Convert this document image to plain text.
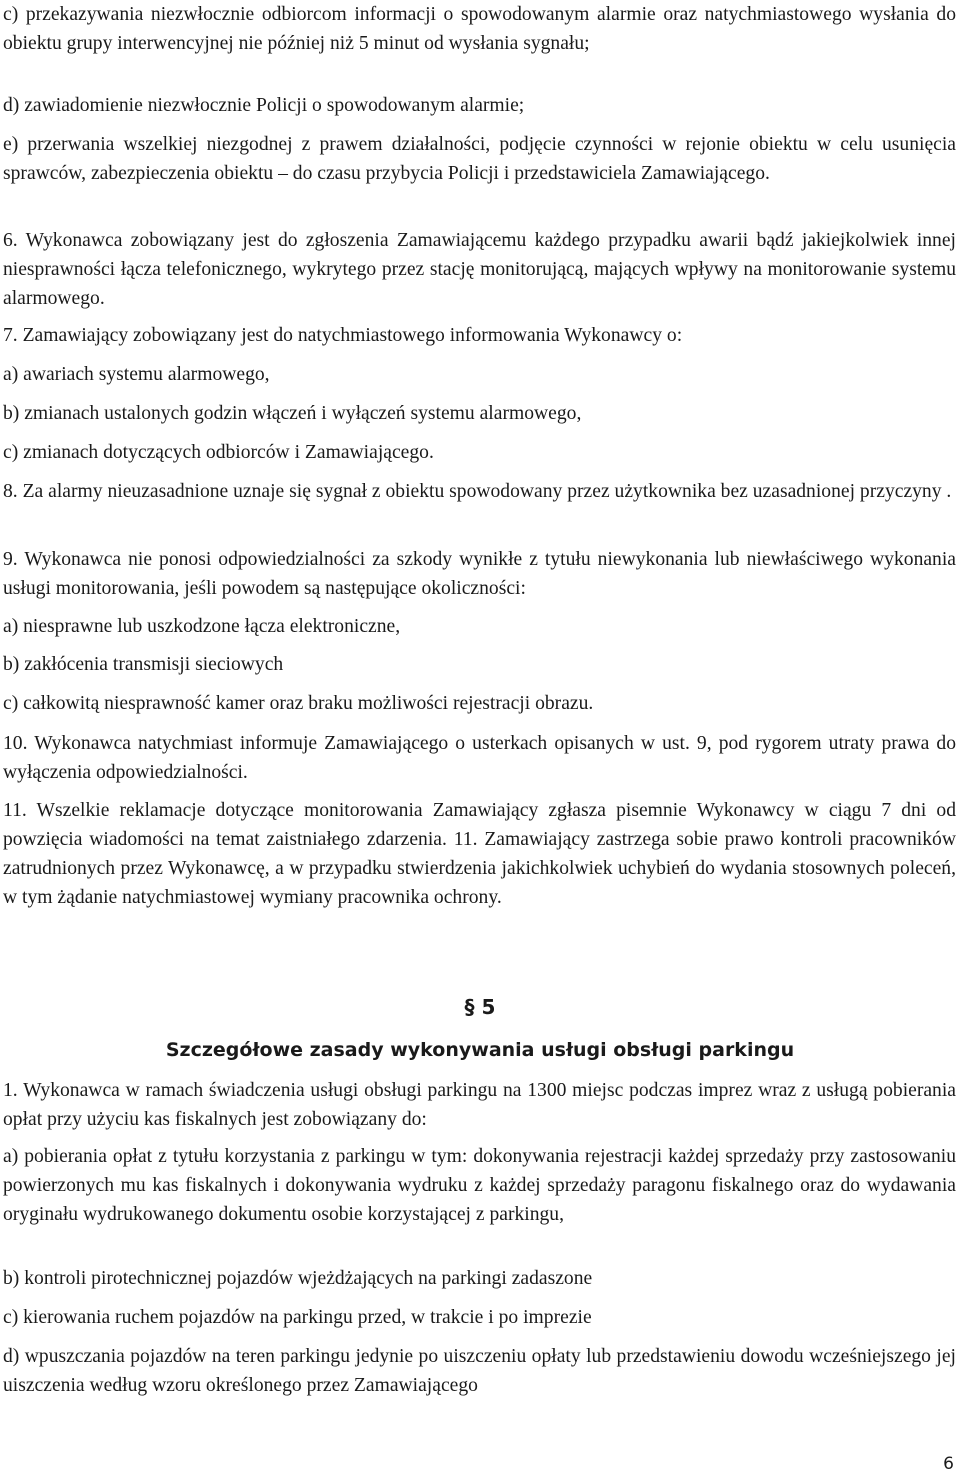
c) przekazywania niezwłocznie odbiorcom informacji o spowodowanym alarmie oraz natychmiastowego wysłania do obiektu grupy interwencyjnej nie później niż 5 minut od wysłania sygnału;
d) zawiadomienie niezwłocznie Policji o spowodowanym alarmie;
e) przerwania wszelkiej niezgodnej z prawem działalności, podjęcie czynności w rejonie obiektu w celu usunięcia sprawców, zabezpieczenia obiektu – do czasu przybycia Policji i przedstawiciela Zamawiającego.
6. Wykonawca zobowiązany jest do zgłoszenia Zamawiającemu każdego przypadku awarii bądź jakiejkolwiek innej niesprawności łącza telefonicznego, wykrytego przez stację monitorującą, mających wpływy na monitorowanie systemu alarmowego.
7. Zamawiający zobowiązany jest do natychmiastowego informowania Wykonawcy o:
a) awariach systemu alarmowego,
b) zmianach ustalonych godzin włączeń i wyłączeń systemu alarmowego,
c) zmianach dotyczących odbiorców i Zamawiającego.
8. Za alarmy nieuzasadnione uznaje się sygnał z obiektu spowodowany przez użytkownika bez uzasadnionej przyczyny .
9. Wykonawca nie ponosi odpowiedzialności za szkody wynikłe z tytułu niewykonania lub niewłaściwego wykonania usługi monitorowania, jeśli powodem są następujące okoliczności:
a) niesprawne lub uszkodzone łącza elektroniczne,
b) zakłócenia transmisji sieciowych
c) całkowitą niesprawność kamer oraz braku możliwości rejestracji obrazu.
10. Wykonawca natychmiast informuje Zamawiającego o usterkach opisanych w ust. 9, pod rygorem utraty prawa do wyłączenia odpowiedzialności.
11. Wszelkie reklamacje dotyczące monitorowania Zamawiający zgłasza pisemnie Wykonawcy w ciągu 7 dni od powzięcia wiadomości na temat zaistniałego zdarzenia. 11. Zamawiający zastrzega sobie prawo kontroli pracowników zatrudnionych przez Wykonawcę, a w przypadku stwierdzenia jakichkolwiek uchybień do wydania stosownych poleceń, w tym żądanie natychmiastowej wymiany pracownika ochrony.
§ 5
Szczegółowe zasady wykonywania usługi obsługi parkingu
1. Wykonawca w ramach świadczenia usługi obsługi parkingu na 1300 miejsc podczas imprez wraz z usługą pobierania opłat przy użyciu kas fiskalnych jest zobowiązany do:
a) pobierania opłat z tytułu korzystania z parkingu w tym: dokonywania rejestracji każdej sprzedaży przy zastosowaniu powierzonych mu kas fiskalnych i dokonywania wydruku z każdej sprzedaży paragonu fiskalnego oraz do wydawania oryginału wydrukowanego dokumentu osobie korzystającej z parkingu,
b) kontroli pirotechnicznej pojazdów wjeżdżających na parkingi zadaszone
c) kierowania ruchem pojazdów na parkingu przed, w trakcie i po imprezie
d) wpuszczania pojazdów na teren parkingu jedynie po uiszczeniu opłaty lub przedstawieniu dowodu wcześniejszego jej uiszczenia według wzoru określonego przez Zamawiającego
6
